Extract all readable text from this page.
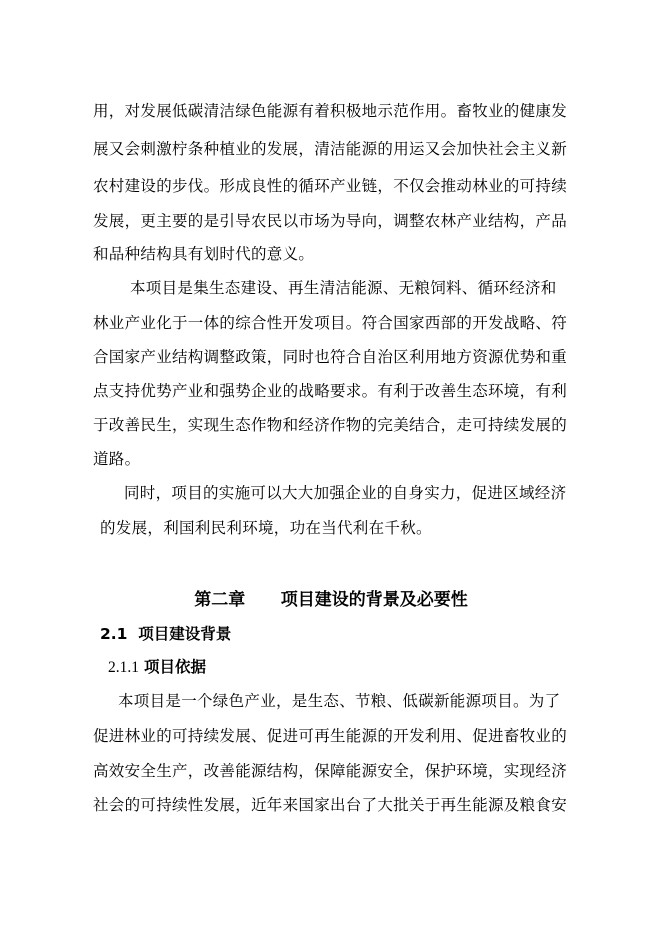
用，对发展低碳清洁绿色能源有着积极地示范作用。畜牧业的健康发
展又会刺激柠条种植业的发展，清洁能源的用运又会加快社会主义新
农村建设的步伐。形成良性的循环产业链，不仅会推动林业的可持续
发展，更主要的是引导农民以市场为导向，调整农林产业结构，产品
和品种结构具有划时代的意义。
本项目是集生态建设、再生清洁能源、无粮饲料、循环经济和
林业产业化于一体的综合性开发项目。符合国家西部的开发战略、符
合国家产业结构调整政策，同时也符合自治区利用地方资源优势和重
点支持优势产业和强势企业的战略要求。有利于改善生态环境，有利
于改善民生，实现生态作物和经济作物的完美结合，走可持续发展的
道路。
同时，项目的实施可以大大加强企业的自身实力，促进区域经济
的发展，利国利民利环境，功在当代利在千秋。
第二章 项目建设的背景及必要性
2.1 项目建设背景
2.1.1 项目依据
本项目是一个绿色产业，是生态、节粮、低碳新能源项目。为了
促进林业的可持续发展、促进可再生能源的开发利用、促进畜牧业的
高效安全生产，改善能源结构，保障能源安全，保护环境，实现经济
社会的可持续性发展，近年来国家出台了大批关于再生能源及粮食安
